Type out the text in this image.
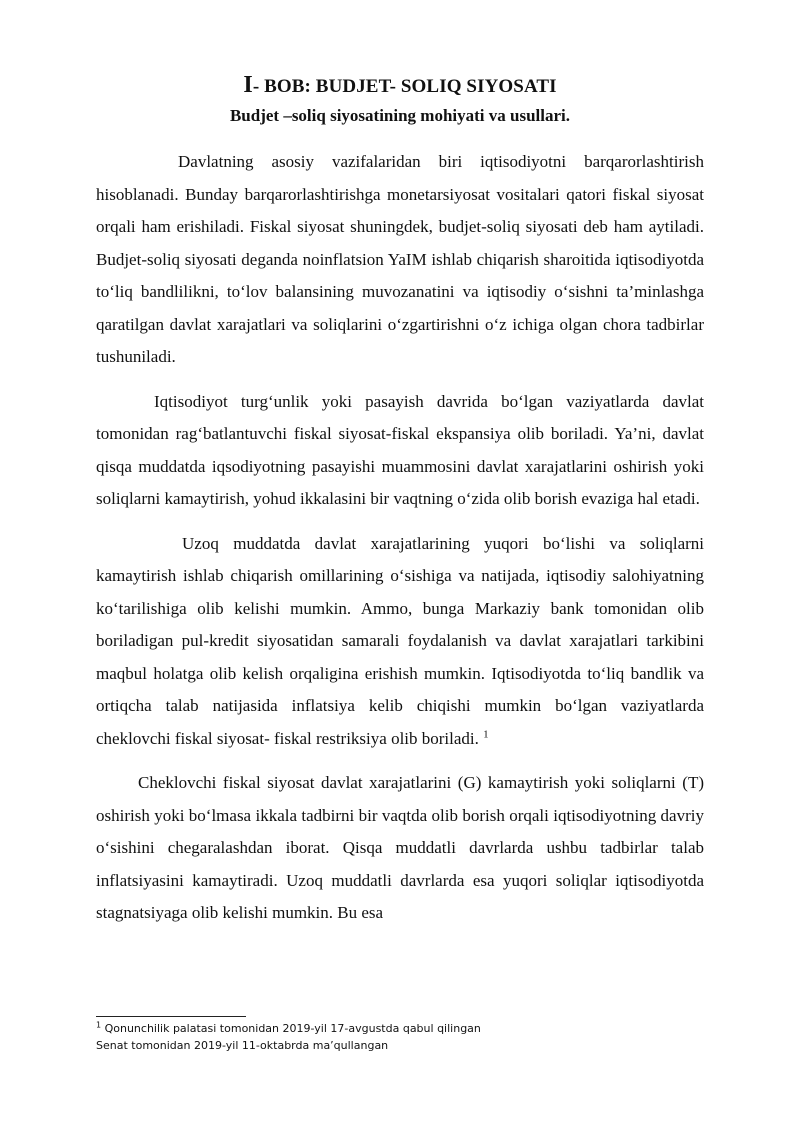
I- BOB: BUDJET- SOLIQ SIYOSATI
Budjet –soliq siyosatining mohiyati va usullari.

Davlatning asosiy vazifalaridan biri iqtisodiyotni barqarorlashtirish hisoblanadi. Bunday barqarorlashtirishga monetarsiyosat vositalari qatori fiskal siyosat orqali ham erishiladi. Fiskal siyosat shuningdek, budjet-soliq siyosati deb ham aytiladi. Budjet-soliq siyosati deganda noinflatsion YaIM ishlab chiqarish sharoitida iqtisodiyotda to‘liq bandlilikni, to‘lov balansining muvozanatini va iqtisodiy o‘sishni ta’minlashga qaratilgan davlat xarajatlari va soliqlarini o‘zgartirishni o‘z ichiga olgan chora tadbirlar tushuniladi.

Iqtisodiyot turg‘unlik yoki pasayish davrida bo‘lgan vaziyatlarda davlat tomonidan rag‘batlantuvchi fiskal siyosat-fiskal ekspansiya olib boriladi. Ya’ni, davlat qisqa muddatda iqsodiyotning pasayishi muammosini davlat xarajatlarini oshirish yoki soliqlarni kamaytirish, yohud ikkalasini bir vaqtning o‘zida olib borish evaziga hal etadi.

Uzoq muddatda davlat xarajatlarining yuqori bo‘lishi va soliqlarni kamaytirish ishlab chiqarish omillarining o‘sishiga va natijada, iqtisodiy salohiyatning ko‘tarilishiga olib kelishi mumkin. Ammo, bunga Markaziy bank tomonidan olib boriladigan pul-kredit siyosatidan samarali foydalanish va davlat xarajatlari tarkibini maqbul holatga olib kelish orqaligina erishish mumkin. Iqtisodiyotda to‘liq bandlik va ortiqcha talab natijasida inflatsiya kelib chiqishi mumkin bo‘lgan vaziyatlarda cheklovchi fiskal siyosat- fiskal restriksiya olib boriladi. $^1$

Cheklovchi fiskal siyosat davlat xarajatlarini (G) kamaytirish yoki soliqlarni (T) oshirish yoki bo‘lmasa ikkala tadbirni bir vaqtda olib borish orqali iqtisodiyotning davriy o‘sishini chegaralashdan iborat. Qisqa muddatli davrlarda ushbu tadbirlar talab inflatsiyasini kamaytiradi. Uzoq muddatli davrlarda esa yuqori soliqlar iqtisodiyotda stagnatsiyaga olib kelishi mumkin. Bu esa

$^1$ Qonunchilik palatasi tomonidan 2019-yil 17-avgustda qabul qilingan

Senat tomonidan 2019-yil 11-oktabrda ma’qullangan
